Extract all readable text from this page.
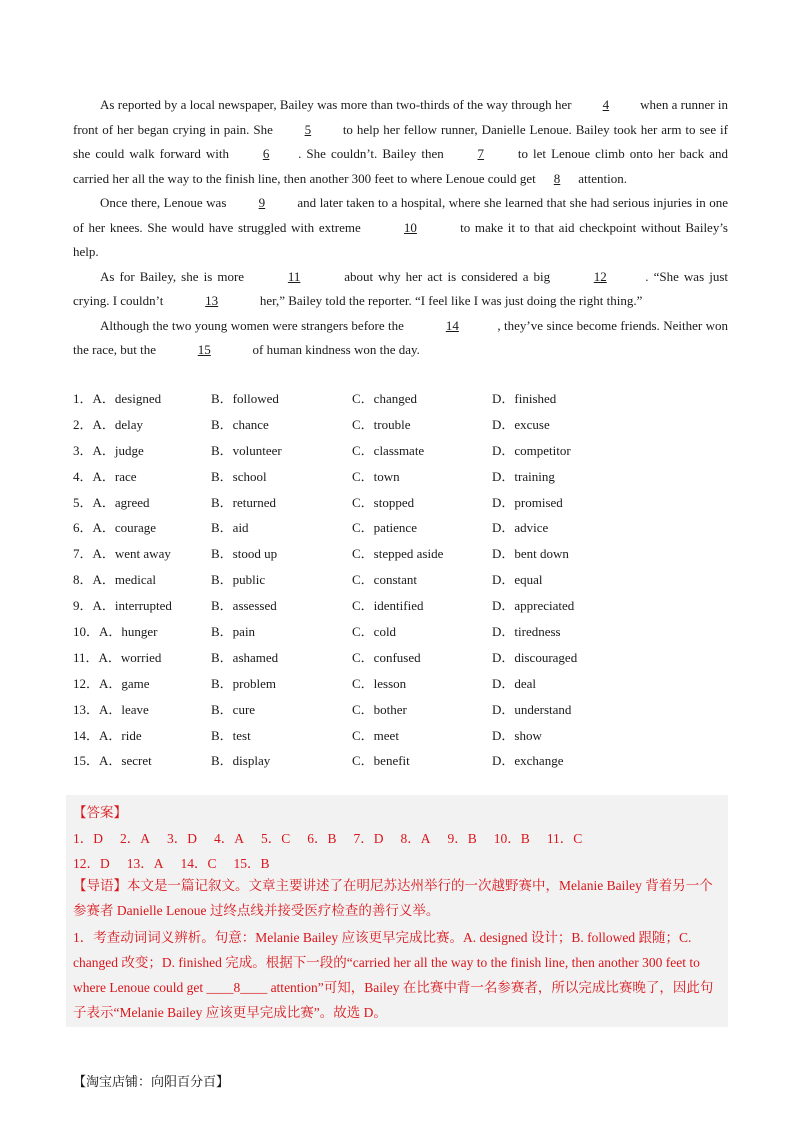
As reported by a local newspaper, Bailey was more than two-thirds of the way through her 4 when a runner in front of her began crying in pain. She 5 to help her fellow runner, Danielle Lenoue. Bailey took her arm to see if she could walk forward with 6 . She couldn’t. Bailey then 7 to let Lenoue climb onto her back and carried her all the way to the finish line, then another 300 feet to where Lenoue could get 8 attention.

Once there, Lenoue was 9 and later taken to a hospital, where she learned that she had serious injuries in one of her knees. She would have struggled with extreme	10	to make it to that aid checkpoint without Bailey’s help.

As for Bailey, she is more	11	about why her act is considered a big	12	. “She was just crying. I couldn’t	13	her,” Bailey told the reporter. “I feel like I was just doing the right thing.”

Although the two young women were strangers before the	14	, they’ve since become friends. Neither won the race, but the	15	of human kindness won the day.

1．A．designed	B．followed	C．changed	D．finished
2．A．delay	B．chance	C．trouble	D．excuse
3．A．judge	B．volunteer	C．classmate	D．competitor
4．A．race	B．school	C．town	D．training
5．A．agreed	B．returned	C．stopped	D．promised
6．A．courage	B．aid	C．patience	D．advice
7．A．went away	B．stood up	C．stepped aside	D．bent down
8．A．medical	B．public	C．constant	D．equal
9．A．interrupted	B．assessed	C．identified	D．appreciated
10．A．hunger	B．pain	C．cold	D．tiredness
11．A．worried	B．ashamed	C．confused	D．discouraged
12．A．game	B．problem	C．lesson	D．deal
13．A．leave	B．cure	C．bother	D．understand
14．A．ride	B．test	C．meet	D．show
15．A．secret	B．display	C．benefit	D．exchange
【答案】
1．D 2．A 3．D 4．A 5．C 6．B 7．D 8．A 9．B 10．B 11．C
12．D 13．A 14．C 15．B
【导语】本文是一篇记叙文。文章主要讲述了在明尼苏达州举行的一次越野赛中，Melanie Bailey 背着另一个参赛者 Danielle Lenoue 过终点线并接受医疗检查的善行义举。
1．考查动词词义辨析。句意：Melanie Bailey 应该更早完成比赛。A. designed 设计；B. followed 跟随；C. changed 改变；D. finished 完成。根据下一段的“carried her all the way to the finish line, then another 300 feet to where Lenoue could get ____8____ attention”可知，Bailey 在比赛中背一名参赛者，所以完成比赛晚了，因此句子表示“Melanie Bailey 应该更早完成比赛”。故选 D。
【淘宝店铺：向阳百分百】
